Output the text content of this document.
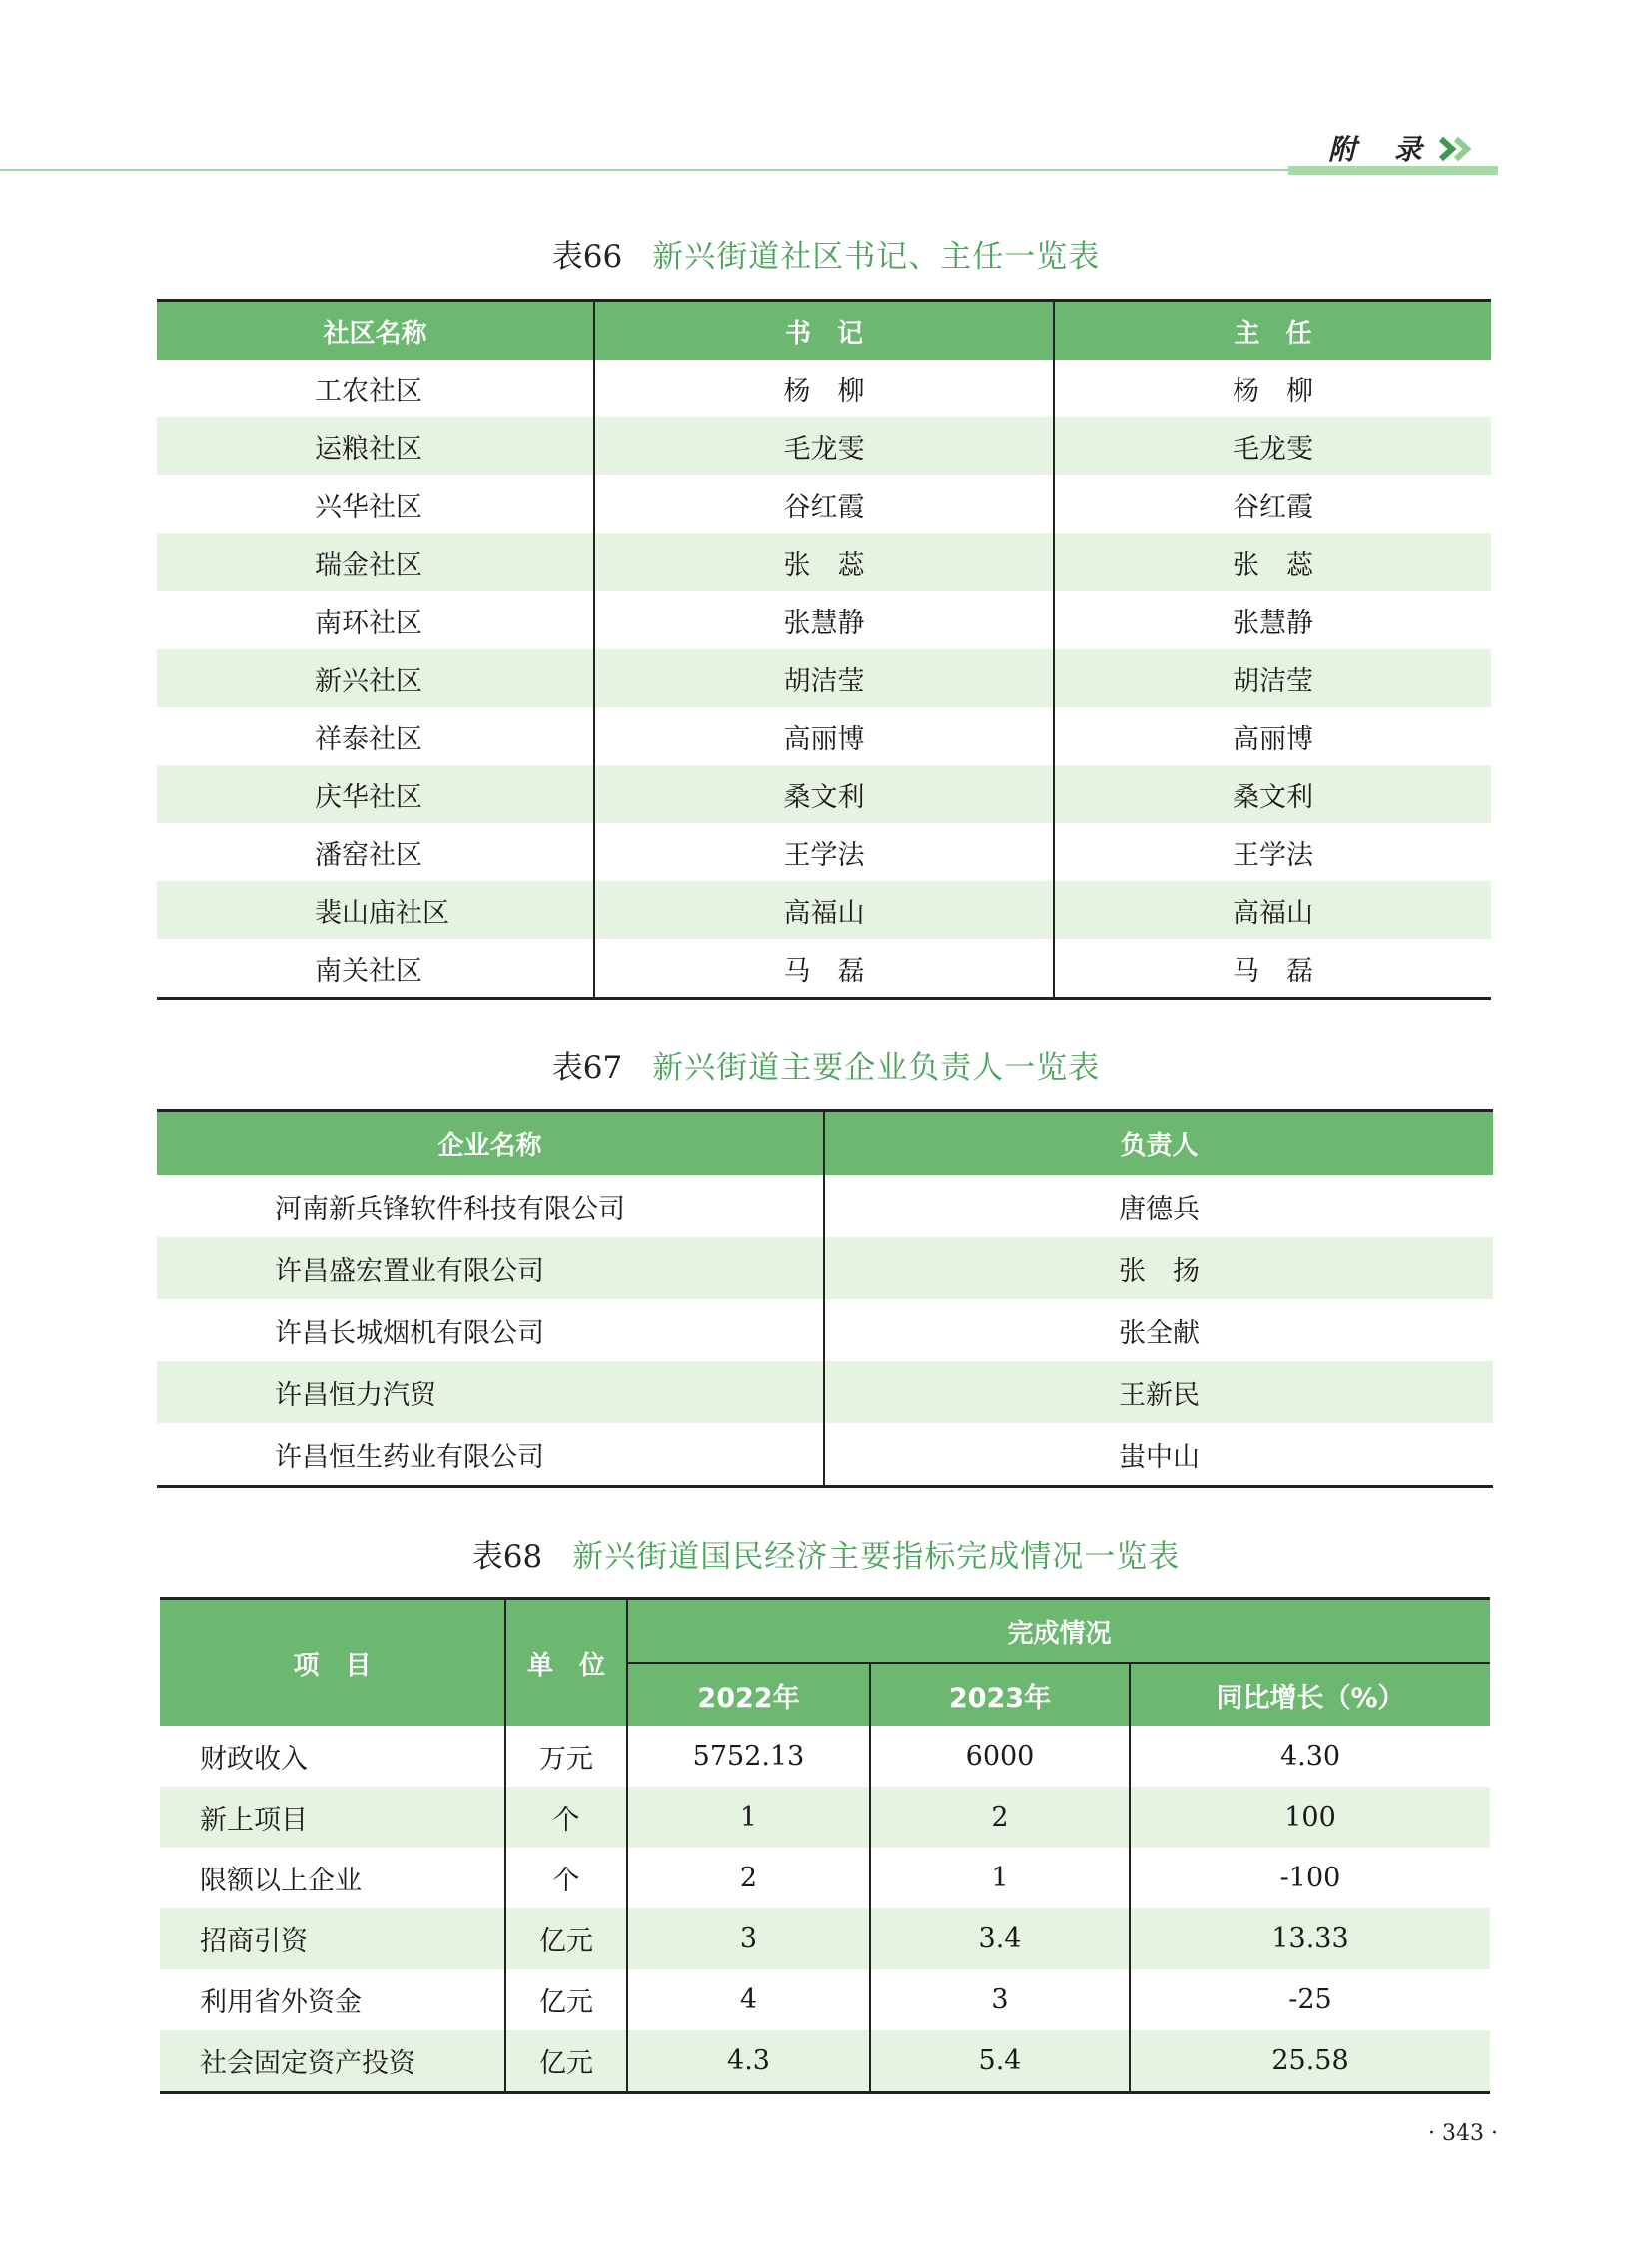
附 录
表66 新兴街道社区书记、主任一览表
社区名称	书　记	主　任
工农社区	杨　柳	杨　柳
运粮社区	毛龙雯	毛龙雯
兴华社区	谷红霞	谷红霞
瑞金社区	张　蕊	张　蕊
南环社区	张慧静	张慧静
新兴社区	胡洁莹	胡洁莹
祥泰社区	高丽博	高丽博
庆华社区	桑文利	桑文利
潘窑社区	王学法	王学法
裴山庙社区	高福山	高福山
南关社区	马　磊	马　磊
表67 新兴街道主要企业负责人一览表
企业名称	负责人
河南新兵锋软件科技有限公司	唐德兵
许昌盛宏置业有限公司	张　扬
许昌长城烟机有限公司	张全献
许昌恒力汽贸	王新民
许昌恒生药业有限公司	蚩中山
表68 新兴街道国民经济主要指标完成情况一览表
项　目	单　位	完成情况		
		2022年	2023年	同比增长（%）
财政收入	万元	5752.13	6000	4.30
新上项目	个	1	2	100
限额以上企业	个	2	1	-100
招商引资	亿元	3	3.4	13.33
利用省外资金	亿元	4	3	-25
社会固定资产投资	亿元	4.3	5.4	25.58
· 343 ·
